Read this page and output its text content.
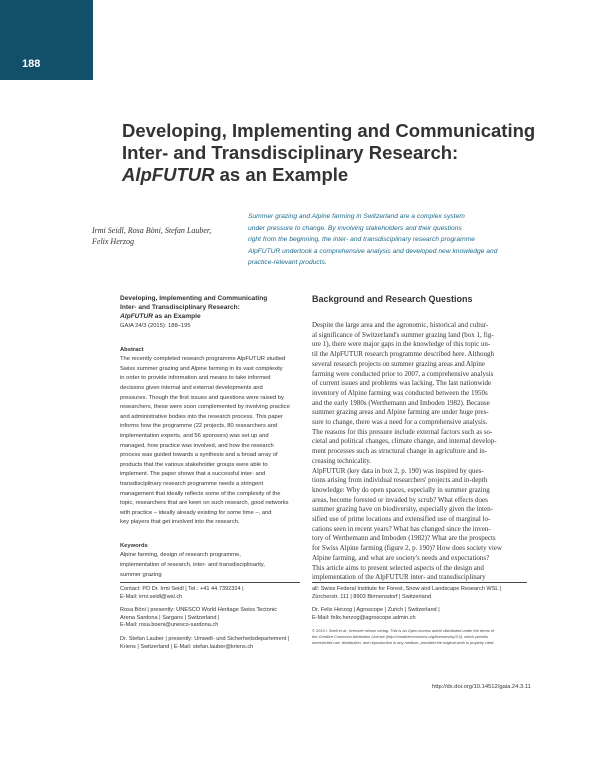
188
Developing, Implementing and Communicating
Inter- and Transdisciplinary Research:
AlpFUTUR as an Example
Irmi Seidl, Rosa Böni, Stefan Lauber,
Felix Herzog
Summer grazing and Alpine farming in Switzerland are a complex system
under pressure to change. By involving stakeholders and their questions
right from the beginning, the inter- and transdisciplinary research programme
AlpFUTUR undertook a comprehensive analysis and developed new knowledge and
practice-relevant products.
Developing, Implementing and Communicating
Inter- and Transdisciplinary Research:
AlpFUTUR as an Example
GAIA 24/3 (2015): 188–195
Abstract
The recently completed research programme AlpFUTUR studied
Swiss summer grazing and Alpine farming in its vast complexity
in order to provide information and means to take informed
decisions given internal and external developments and
pressures. Though the first issues and questions were raised by
researchers, these were soon complemented by involving practice
and administrative bodies into the research process. This paper
informs how the programme (22 projects, 80 researchers and
implementation experts, and 56 sponsors) was set up and
managed, how practice was involved, and how the research
process was guided towards a synthesis and a broad array of
products that the various stakeholder groups were able to
implement. The paper shows that a successful inter- and
transdisciplinary research programme needs a stringent
management that ideally reflects some of the complexity of the
topic, researchers that are keen on such research, good networks
with practice – ideally already existing for some time –, and
key players that get involved into the research.
Keywords
Alpine farming, design of research programme,
implementation of research, inter- and transdisciplinarity,
summer grazing
Background and Research Questions
Despite the large area and the agronomic, historical and cultur-
al significance of Switzerland's summer grazing land (box 1, fig-
ure 1), there were major gaps in the knowledge of this topic un-
til the AlpFUTUR research programme described here. Although
several research projects on summer grazing areas and Alpine
farming were conducted prior to 2007, a comprehensive analysis
of current issues and problems was lacking. The last nationwide
inventory of Alpine farming was conducted between the 1950s
and the early 1980s (Werthemann and Imboden 1982). Because
summer grazing areas and Alpine farming are under huge pres-
sure to change, there was a need for a comprehensive analysis.
The reasons for this pressure include external factors such as so-
cietal and political changes, climate change, and internal develop-
ment processes such as structural change in agriculture and in-
creasing technicality.
AlpFUTUR (key data in box 2, p. 190) was inspired by ques-
tions arising from individual researchers' projects and in-depth
knowledge: Why do open spaces, especially in summer grazing
areas, become forested or invaded by scrub? What effects does
summer grazing have on biodiversity, especially given the inten-
sified use of prime locations and extensified use of marginal lo-
cations seen in recent years? What has changed since the inven-
tory of Werthemann and Imboden (1982)? What are the prospects
for Swiss Alpine farming (figure 2, p. 190)? How does society view
Alpine farming, and what are society's needs and expectations?
This article aims to present selected aspects of the design and
implementation of the AlpFUTUR inter- and transdisciplinary
Contact: PD Dr. Irmi Seidl | Tel.: +41 44 7392324 |
E-Mail: irmi.seidl@wsl.ch
Rosa Böni | presently: UNESCO World Heritage Swiss Tectonic
Arena Sardona | Sargans | Switzerland |
E-Mail: rosa.boeni@unesco-sardona.ch
Dr. Stefan Lauber | presently: Umwelt- und Sicherheitsdepartement |
Kriens | Switzerland | E-Mail: stefan.lauber@kriens.ch
all: Swiss Federal Institute for Forest, Snow and Landscape Research WSL |
Zürcherstr. 111 | 8903 Birmensdorf | Switzerland
Dr. Felix Herzog | Agroscope | Zurich | Switzerland |
E-Mail: felix.herzog@agroscope.admin.ch
© 2015 I. Seidl et al.; licensee oekom verlag. This is an Open Access article distributed under the terms of
the Creative Commons Attribution License (http://creativecommons.org/licenses/by/3.0), which permits
unrestricted use, distribution, and reproduction in any medium, provided the original work is properly cited.
http://dx.doi.org/10.14512/gaia.24.3.11
